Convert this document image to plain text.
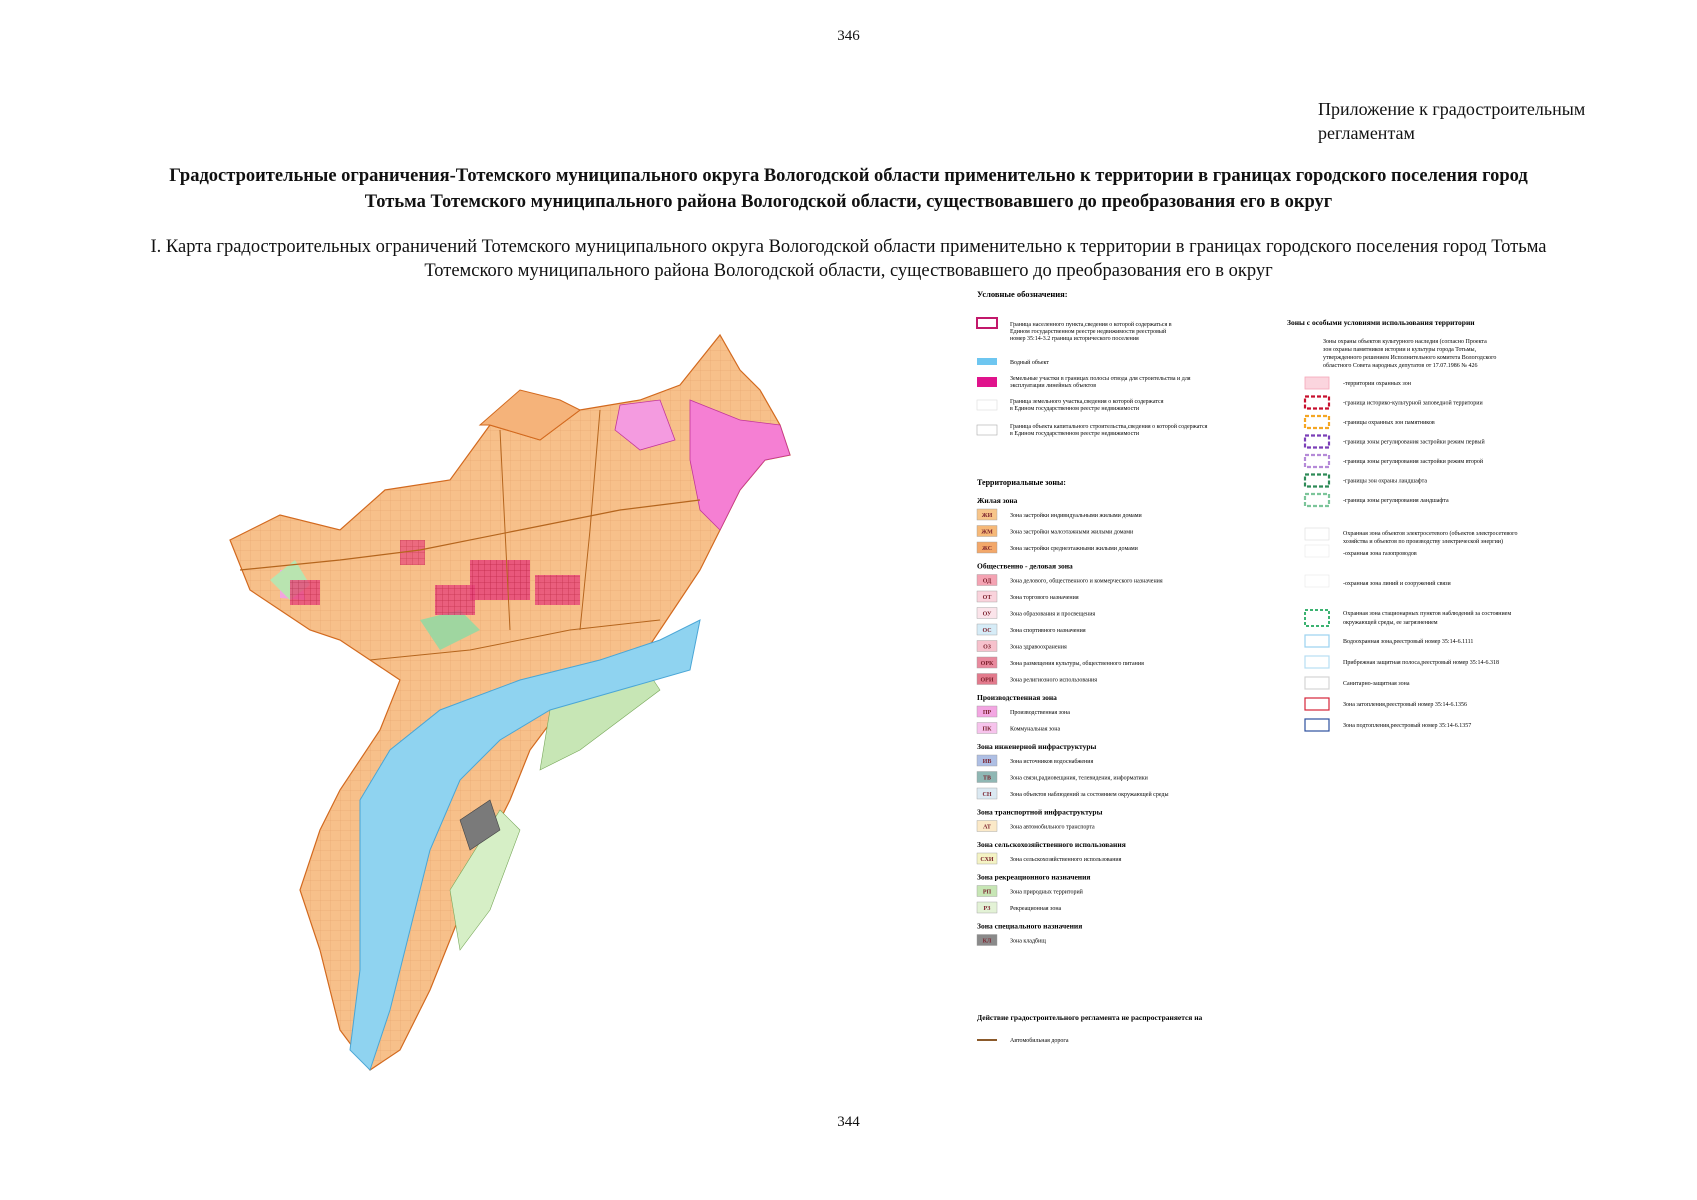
346
Приложение к градостроительным
регламентам
Градостроительные ограничения-Тотемского муниципального округа Вологодской области применительно к территории в границах городского поселения город
Тотьма Тотемского муниципального района Вологодской области, существовавшего до преобразования его в округ
I. Карта градостроительных ограничений Тотемского муниципального округа Вологодской области применительно к территории в границах городского поселения город Тотьма
Тотемского муниципального района Вологодской области, существовавшего до преобразования его в округ
Условные обозначения:
Граница населенного пункта,сведения о которой содержаться в
Едином государственном реестре недвижимости реестровый
номер 35:14-3.2 граница исторического поселения
Водный объект
Земельные участки в границах полосы отвода для строительства и для
эксплуатации линейных объектов
Граница земельного участка,сведения о которой содержатся
в Едином государственном реестре недвижимости
Граница объекта капитального строительства,сведения о которой содержатся
в Едином государственном реестре недвижимости
Территориальные зоны:
Жилая зона
ЖИ	Зона застройки индивидуальными жилыми домами
ЖМ	Зона застройки малоэтажными жилыми домами
ЖС	Зона застройки среднеэтажными жилыми домами
Общественно - деловая зона
ОД	Зона делового, общественного и коммерческого назначения
ОТ	Зона торгового назначения
ОУ	Зона образования и просвещения
ОС	Зона спортивного назначения
ОЗ	Зона здравоохранения
ОРК	Зона размещения культуры, общественного питания
ОРИ	Зона религиозного использования
Производственная зона
ПР	Производственная зона
ПК	Коммунальная зона
Зона инженерной инфраструктуры
ИВ	Зона источников водоснабжения
ТВ	Зона связи,радиовещания, телевидения, информатики
СН	Зона объектов наблюдений за состоянием окружающей среды
Зона транспортной инфраструктуры
АТ	Зона автомобильного транспорта
Зона сельскохозяйственного использования
СХИ	Зона сельскохозяйственного использования
Зона рекреационного назначения
РП	Зона природных территорий
РЗ	Рекреационная зона
Зона специального назначения
КЛ	Зона кладбищ
Действие градостроительного регламента не распространяется на
Автомобильная дорога
Зоны с особыми условиями использования территории
Зоны охраны объектов культурного наследия (согласно Проекта
зон охраны памятников истории и культуры города Тотьмы,
утвержденного решением Исполнительного комитета Вологодского
областного Совета народных депутатов от 17.07.1986 № 426
-территории охранных зон
-граница историко-культурной заповедной территории
-границы охранных зон памятников
-граница зоны регулирования застройки режим первый
-граница зоны регулирования застройки режим второй
-границы зон охраны ландшафта
-граница зоны регулирования ландшафта
Охранная зона объектов электросетевого (объектов электросетевого
хозяйства и объектов по производству электрической энергии)
-охранная зона газопроводов
-охранная зона линий и сооружений связи
Охранная зона стационарных пунктов наблюдений за состоянием
окружающей среды, ее загрязнением
Водоохранная зона,реестровый номер 35:14-6.1111
Прибрежная защитная полоса,реестровый номер 35:14-6.318
Санитарно-защитная зона
Зона затопления,реестровый номер 35:14-6.1356
Зона подтопления,реестровый номер 35:14-6.1357
344
